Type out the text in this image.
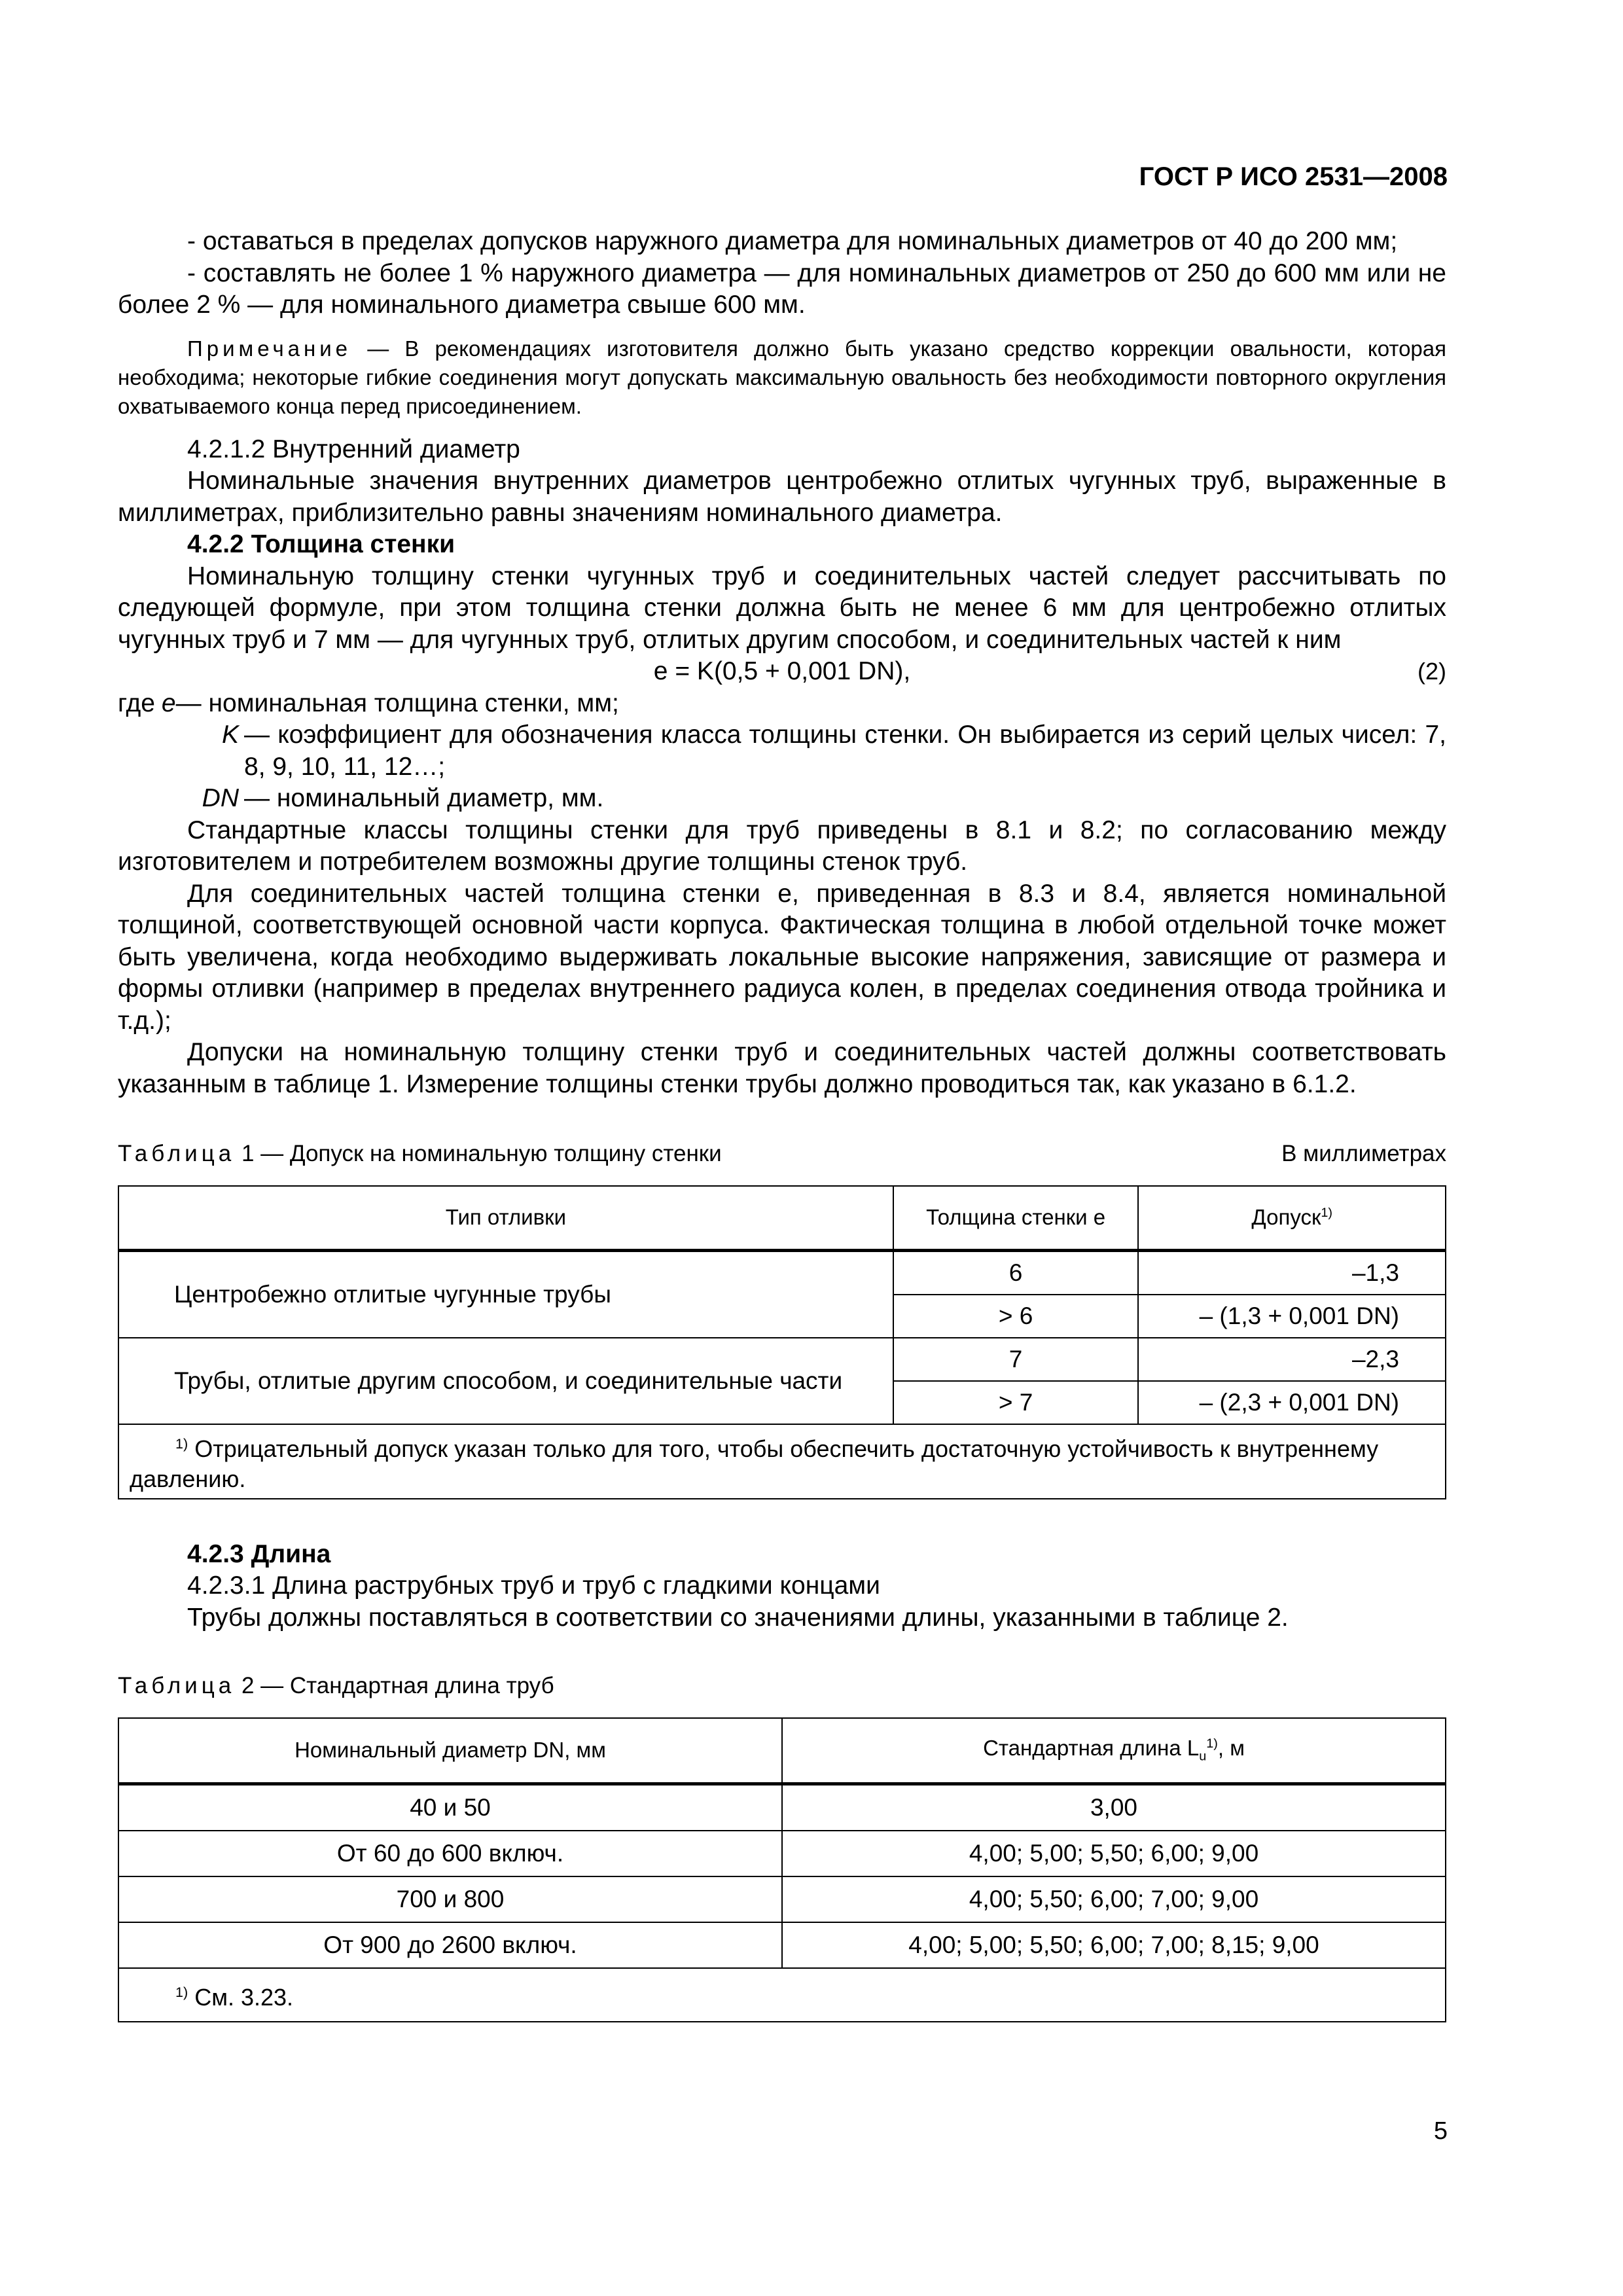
ГОСТ Р ИСО 2531—2008

- оставаться в пределах допусков наружного диаметра для номинальных диаметров от 40 до 200 мм;

- составлять не более 1 % наружного диаметра — для номинальных диаметров от 250 до 600 мм или не более 2 % — для номинального диаметра свыше 600 мм.

Примечание — В рекомендациях изготовителя должно быть указано средство коррекции овальности, которая необходима; некоторые гибкие соединения могут допускать максимальную овальность без необходимости повторного округления охватываемого конца перед присоединением.

4.2.1.2 Внутренний диаметр

Номинальные значения внутренних диаметров центробежно отлитых чугунных труб, выраженные в миллиметрах, приблизительно равны значениям номинального диаметра.

4.2.2 Толщина стенки

Номинальную толщину стенки чугунных труб и соединительных частей следует рассчитывать по следующей формуле, при этом толщина стенки должна быть не менее 6 мм для центробежно отлитых чугунных труб и 7 мм — для чугунных труб, отлитых другим способом, и соединительных частей к ним

e = K(0,5 + 0,001 DN),	(2)

где e — номинальная толщина стенки, мм;
K — коэффициент для обозначения класса толщины стенки. Он выбирается из серий целых чисел: 7, 8, 9, 10, 11, 12…;
DN — номинальный диаметр, мм.

Стандартные классы толщины стенки для труб приведены в 8.1 и 8.2; по согласованию между изготовителем и потребителем возможны другие толщины стенок труб.

Для соединительных частей толщина стенки e, приведенная в 8.3 и 8.4, является номинальной толщиной, соответствующей основной части корпуса. Фактическая толщина в любой отдельной точке может быть увеличена, когда необходимо выдерживать локальные высокие напряжения, зависящие от размера и формы отливки (например в пределах внутреннего радиуса колен, в пределах соединения отвода тройника и т.д.);

Допуски на номинальную толщину стенки труб и соединительных частей должны соответствовать указанным в таблице 1. Измерение толщины стенки трубы должно проводиться так, как указано в 6.1.2.

Таблица 1 — Допуск на номинальную толщину стенки	В миллиметрах
Тип отливки	Толщина стенки e	Допуск$^{1)}$
Центробежно отлитые чугунные трубы	6	–1,3
	> 6	– (1,3 + 0,001 DN)
Трубы, отлитые другим способом, и соединительные части	7	–2,3
	> 7	– (2,3 + 0,001 DN)
$^{1)}$ Отрицательный допуск указан только для того, чтобы обеспечить достаточную устойчивость к внутреннему давлению.		

4.2.3 Длина

4.2.3.1 Длина раструбных труб и труб с гладкими концами

Трубы должны поставляться в соответствии со значениями длины, указанными в таблице 2.

Таблица 2 — Стандартная длина труб
Номинальный диаметр DN, мм	Стандартная длина $L_u^{1)}$, м
40 и 50	3,00
От 60 до 600 включ.	4,00; 5,00; 5,50; 6,00; 9,00
700 и 800	4,00; 5,50; 6,00; 7,00; 9,00
От 900 до 2600 включ.	4,00; 5,00; 5,50; 6,00; 7,00; 8,15; 9,00
$^{1)}$ См. 3.23.	
5
